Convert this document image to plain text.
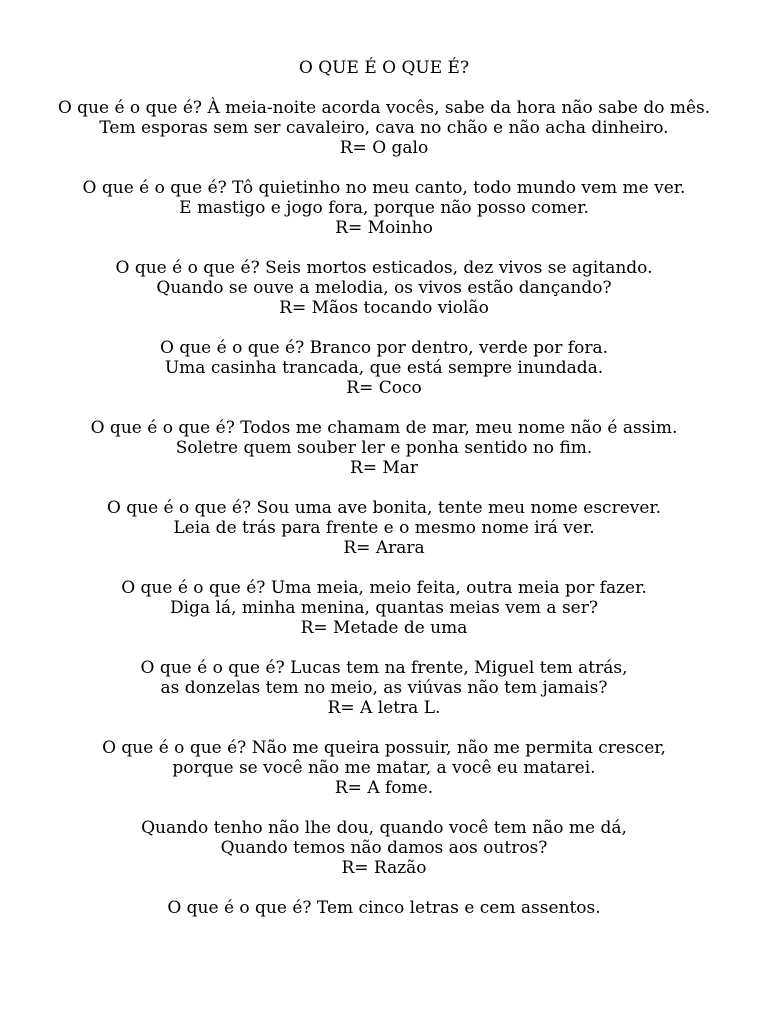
O QUE É O QUE É?
O que é o que é? À meia-noite acorda vocês, sabe da hora não sabe do mês.
Tem esporas sem ser cavaleiro, cava no chão e não acha dinheiro.
R= O galo
O que é o que é? Tô quietinho no meu canto, todo mundo vem me ver.
E mastigo e jogo fora, porque não posso comer.
R= Moinho
O que é o que é? Seis mortos esticados, dez vivos se agitando.
Quando se ouve a melodia, os vivos estão dançando?
R= Mãos tocando violão
O que é o que é? Branco por dentro, verde por fora.
Uma casinha trancada, que está sempre inundada.
R= Coco
O que é o que é? Todos me chamam de mar, meu nome não é assim.
Soletre quem souber ler e ponha sentido no fim.
R= Mar
O que é o que é? Sou uma ave bonita, tente meu nome escrever.
Leia de trás para frente e o mesmo nome irá ver.
R= Arara
O que é o que é? Uma meia, meio feita, outra meia por fazer.
Diga lá, minha menina, quantas meias vem a ser?
R= Metade de uma
O que é o que é? Lucas tem na frente, Miguel tem atrás,
as donzelas tem no meio, as viúvas não tem jamais?
R= A letra L.
O que é o que é? Não me queira possuir, não me permita crescer,
porque se você não me matar, a você eu matarei.
R= A fome.
Quando tenho não lhe dou, quando você tem não me dá,
Quando temos não damos aos outros?
R= Razão
O que é o que é? Tem cinco letras e cem assentos.
